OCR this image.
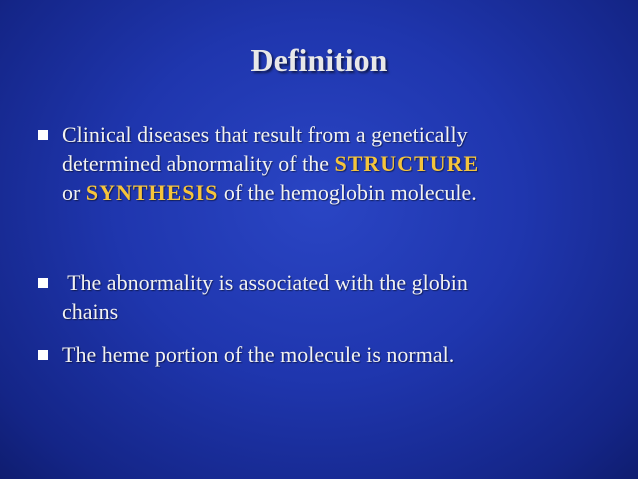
Definition
Clinical diseases that result from a genetically
determined abnormality of the STRUCTURE
or SYNTHESIS of the hemoglobin molecule.
The abnormality is associated with the globin
chains
The heme portion of the molecule is normal.
